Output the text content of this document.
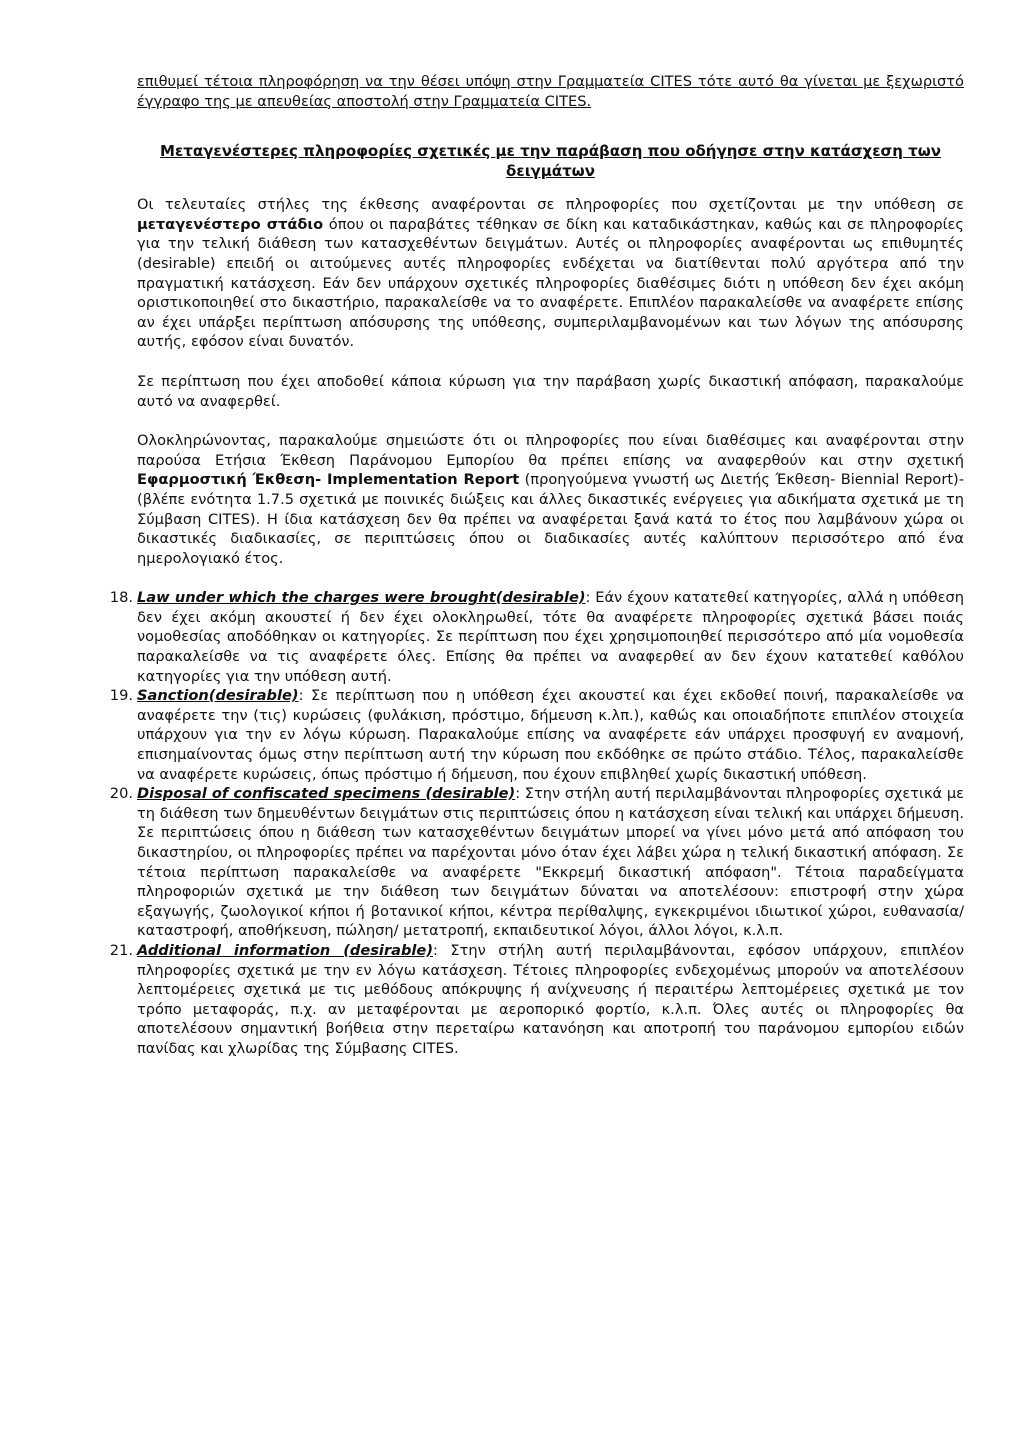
επιθυμεί τέτοια πληροφόρηση να την θέσει υπόψη στην Γραμματεία CITES τότε αυτό θα γίνεται με ξεχωριστό έγγραφο της με απευθείας αποστολή στην Γραμματεία CITES.

Μεταγενέστερες πληροφορίες σχετικές με την παράβαση που οδήγησε στην κατάσχεση των δειγμάτων

Οι τελευταίες στήλες της έκθεσης αναφέρονται σε πληροφορίες που σχετίζονται με την υπόθεση σε μεταγενέστερο στάδιο όπου οι παραβάτες τέθηκαν σε δίκη και καταδικάστηκαν, καθώς και σε πληροφορίες για την τελική διάθεση των κατασχεθέντων δειγμάτων. Αυτές οι πληροφορίες αναφέρονται ως επιθυμητές (desirable) επειδή οι αιτούμενες αυτές πληροφορίες ενδέχεται να διατίθενται πολύ αργότερα από την πραγματική κατάσχεση. Εάν δεν υπάρχουν σχετικές πληροφορίες διαθέσιμες διότι η υπόθεση δεν έχει ακόμη οριστικοποιηθεί στο δικαστήριο, παρακαλείσθε να το αναφέρετε. Επιπλέον παρακαλείσθε να αναφέρετε επίσης αν έχει υπάρξει περίπτωση απόσυρσης της υπόθεσης, συμπεριλαμβανομένων και των λόγων της απόσυρσης αυτής, εφόσον είναι δυνατόν.

Σε περίπτωση που έχει αποδοθεί κάποια κύρωση για την παράβαση χωρίς δικαστική απόφαση, παρακαλούμε αυτό να αναφερθεί.

Ολοκληρώνοντας, παρακαλούμε σημειώστε ότι οι πληροφορίες που είναι διαθέσιμες και αναφέρονται στην παρούσα Ετήσια Έκθεση Παράνομου Εμπορίου θα πρέπει επίσης να αναφερθούν και στην σχετική Εφαρμοστική Έκθεση- Implementation Report (προηγούμενα γνωστή ως Διετής Έκθεση- Biennial Report)- (βλέπε ενότητα 1.7.5 σχετικά με ποινικές διώξεις και άλλες δικαστικές ενέργειες για αδικήματα σχετικά με τη Σύμβαση CITES). Η ίδια κατάσχεση δεν θα πρέπει να αναφέρεται ξανά κατά το έτος που λαμβάνουν χώρα οι δικαστικές διαδικασίες, σε περιπτώσεις όπου οι διαδικασίες αυτές καλύπτουν περισσότερο από ένα ημερολογιακό έτος.

18. Law under which the charges were brought(desirable): Εάν έχουν κατατεθεί κατηγορίες, αλλά η υπόθεση δεν έχει ακόμη ακουστεί ή δεν έχει ολοκληρωθεί, τότε θα αναφέρετε πληροφορίες σχετικά βάσει ποιάς νομοθεσίας αποδόθηκαν οι κατηγορίες. Σε περίπτωση που έχει χρησιμοποιηθεί περισσότερο από μία νομοθεσία παρακαλείσθε να τις αναφέρετε όλες. Επίσης θα πρέπει να αναφερθεί αν δεν έχουν κατατεθεί καθόλου κατηγορίες για την υπόθεση αυτή.
19. Sanction(desirable): Σε περίπτωση που η υπόθεση έχει ακουστεί και έχει εκδοθεί ποινή, παρακαλείσθε να αναφέρετε την (τις) κυρώσεις (φυλάκιση, πρόστιμο, δήμευση κ.λπ.), καθώς και οποιαδήποτε επιπλέον στοιχεία υπάρχουν για την εν λόγω κύρωση. Παρακαλούμε επίσης να αναφέρετε εάν υπάρχει προσφυγή εν αναμονή, επισημαίνοντας όμως στην περίπτωση αυτή την κύρωση που εκδόθηκε σε πρώτο στάδιο. Τέλος, παρακαλείσθε να αναφέρετε κυρώσεις, όπως πρόστιμο ή δήμευση, που έχουν επιβληθεί χωρίς δικαστική υπόθεση.
20. Disposal of confiscated specimens (desirable): Στην στήλη αυτή περιλαμβάνονται πληροφορίες σχετικά με τη διάθεση των δημευθέντων δειγμάτων στις περιπτώσεις όπου η κατάσχεση είναι τελική και υπάρχει δήμευση. Σε περιπτώσεις όπου η διάθεση των κατασχεθέντων δειγμάτων μπορεί να γίνει μόνο μετά από απόφαση του δικαστηρίου, οι πληροφορίες πρέπει να παρέχονται μόνο όταν έχει λάβει χώρα η τελική δικαστική απόφαση. Σε τέτοια περίπτωση παρακαλείσθε να αναφέρετε "Εκκρεμή δικαστική απόφαση". Τέτοια παραδείγματα πληροφοριών σχετικά με την διάθεση των δειγμάτων δύναται να αποτελέσουν: επιστροφή στην χώρα εξαγωγής, ζωολογικοί κήποι ή βοτανικοί κήποι, κέντρα περίθαλψης, εγκεκριμένοι ιδιωτικοί χώροι, ευθανασία/ καταστροφή, αποθήκευση, πώληση/ μετατροπή, εκπαιδευτικοί λόγοι, άλλοι λόγοι, κ.λ.π.
21. Additional information (desirable): Στην στήλη αυτή περιλαμβάνονται, εφόσον υπάρχουν, επιπλέον πληροφορίες σχετικά με την εν λόγω κατάσχεση. Τέτοιες πληροφορίες ενδεχομένως μπορούν να αποτελέσουν λεπτομέρειες σχετικά με τις μεθόδους απόκρυψης ή ανίχνευσης ή περαιτέρω λεπτομέρειες σχετικά με τον τρόπο μεταφοράς, π.χ. αν μεταφέρονται με αεροπορικό φορτίο, κ.λ.π. Όλες αυτές οι πληροφορίες θα αποτελέσουν σημαντική βοήθεια στην περεταίρω κατανόηση και αποτροπή του παράνομου εμπορίου ειδών πανίδας και χλωρίδας της Σύμβασης CITES.
